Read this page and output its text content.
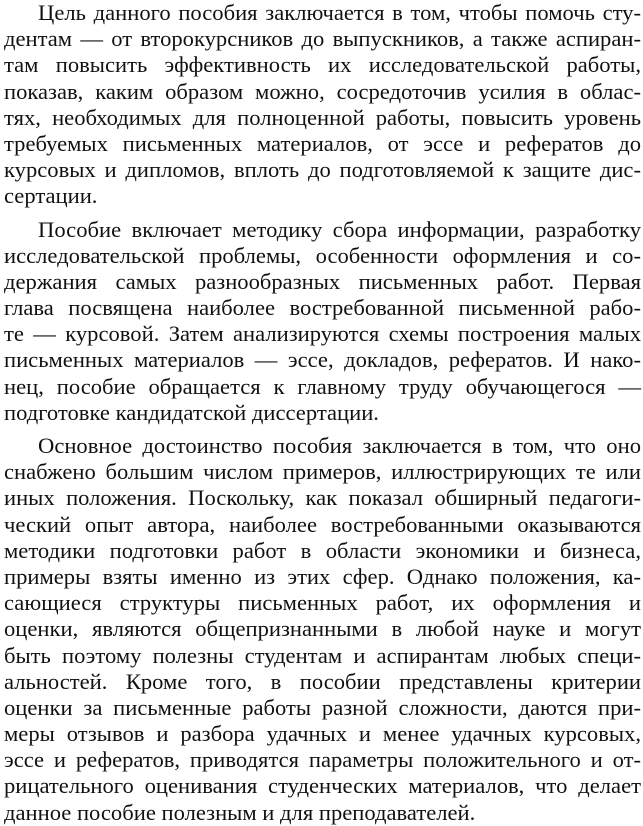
Цель данного пособия заключается в том, чтобы помочь сту-
дентам — от второкурсников до выпускников, а также аспиран-
там повысить эффективность их исследовательской работы,
показав, каким образом можно, сосредоточив усилия в облас-
тях, необходимых для полноценной работы, повысить уровень
требуемых письменных материалов, от эссе и рефератов до
курсовых и дипломов, вплоть до подготовляемой к защите дис-
сертации.
Пособие включает методику сбора информации, разработку
исследовательской проблемы, особенности оформления и со-
держания самых разнообразных письменных работ. Первая
глава посвящена наиболее востребованной письменной рабо-
те — курсовой. Затем анализируются схемы построения малых
письменных материалов — эссе, докладов, рефератов. И нако-
нец, пособие обращается к главному труду обучающегося —
подготовке кандидатской диссертации.
Основное достоинство пособия заключается в том, что оно
снабжено большим числом примеров, иллюстрирующих те или
иных положения. Поскольку, как показал обширный педагоги-
ческий опыт автора, наиболее востребованными оказываются
методики подготовки работ в области экономики и бизнеса,
примеры взяты именно из этих сфер. Однако положения, ка-
сающиеся структуры письменных работ, их оформления и
оценки, являются общепризнанными в любой науке и могут
быть поэтому полезны студентам и аспирантам любых специ-
альностей. Кроме того, в пособии представлены критерии
оценки за письменные работы разной сложности, даются при-
меры отзывов и разбора удачных и менее удачных курсовых,
эссе и рефератов, приводятся параметры положительного и от-
рицательного оценивания студенческих материалов, что делает
данное пособие полезным и для преподавателей.
